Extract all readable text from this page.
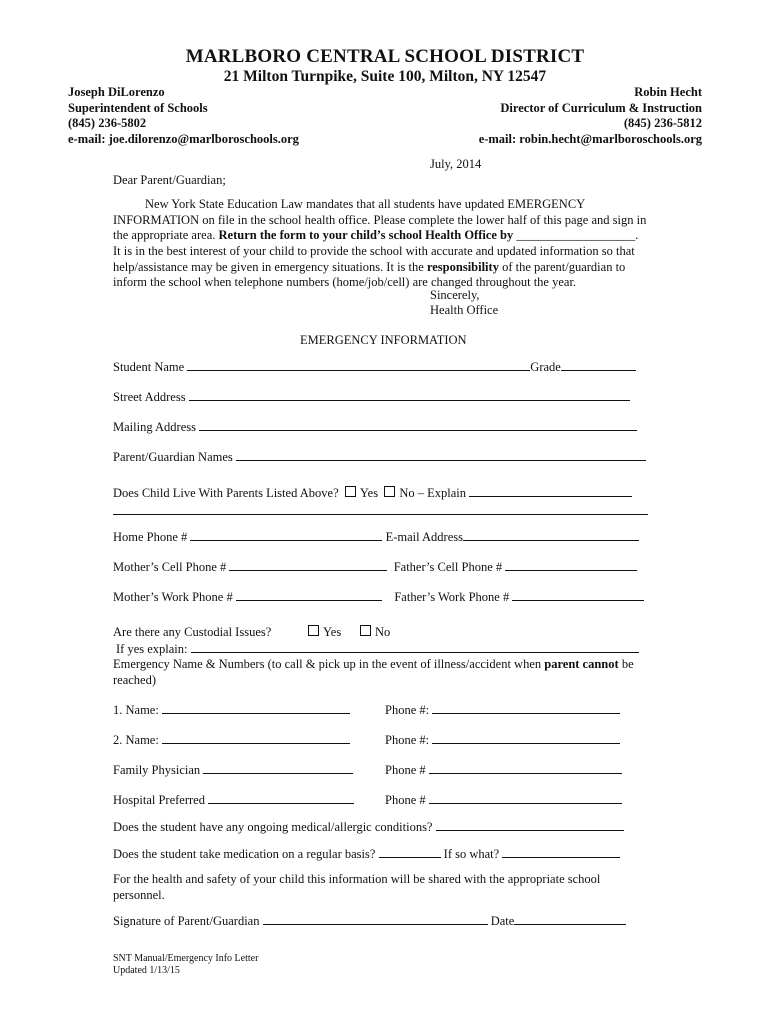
MARLBORO CENTRAL SCHOOL DISTRICT
21 Milton Turnpike, Suite 100, Milton, NY 12547
Joseph DiLorenzo
Superintendent of Schools
(845) 236-5802
e-mail: joe.dilorenzo@marlboroschools.org
Robin Hecht
Director of Curriculum & Instruction
(845) 236-5812
e-mail: robin.hecht@marlboroschools.org
July, 2014
Dear Parent/Guardian;
New York State Education Law mandates that all students have updated EMERGENCY INFORMATION on file in the school health office. Please complete the lower half of this page and sign in the appropriate area. Return the form to your child’s school Health Office by ___________________.
It is in the best interest of your child to provide the school with accurate and updated information so that help/assistance may be given in emergency situations. It is the responsibility of the parent/guardian to inform the school when telephone numbers (home/job/cell) are changed throughout the year.
Sincerely,
Health Office
EMERGENCY INFORMATION
Student Name	Grade
Street Address
Mailing Address
Parent/Guardian Names
Does Child Live With Parents Listed Above? Yes No – Explain
Home Phone #	E-mail Address
Mother’s Cell Phone #	Father’s Cell Phone #
Mother’s Work Phone #	Father’s Work Phone #
Are there any Custodial Issues?	Yes	No
If yes explain:
Emergency Name & Numbers (to call & pick up in the event of illness/accident when parent cannot be reached)
1. Name:	Phone #:
2. Name:	Phone #:
Family Physician	Phone #
Hospital Preferred	Phone #
Does the student have any ongoing medical/allergic conditions?
Does the student take medication on a regular basis?	If so what?
For the health and safety of your child this information will be shared with the appropriate school personnel.
Signature of Parent/Guardian	Date
SNT Manual/Emergency Info Letter
Updated 1/13/15
